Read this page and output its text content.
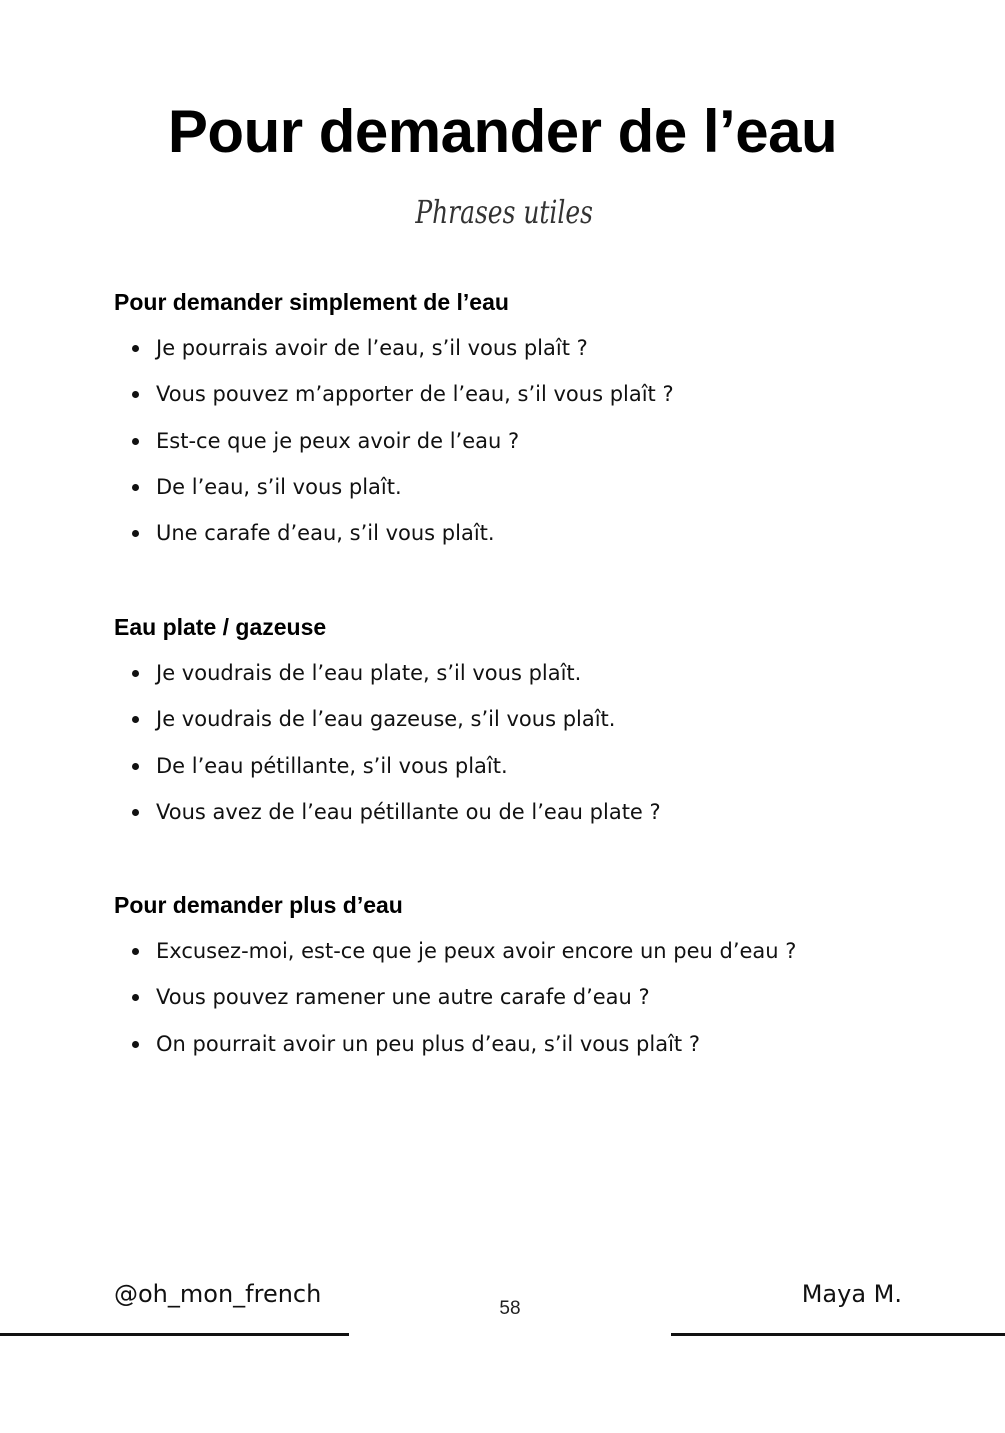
Pour demander de l’eau
Phrases utiles
Pour demander simplement de l’eau
Je pourrais avoir de l’eau, s’il vous plaît ?
Vous pouvez m’apporter de l’eau, s’il vous plaît ?
Est-ce que je peux avoir de l’eau ?
De l’eau, s’il vous plaît.
Une carafe d’eau, s’il vous plaît.
Eau plate / gazeuse
Je voudrais de l’eau plate, s’il vous plaît.
Je voudrais de l’eau gazeuse, s’il vous plaît.
De l’eau pétillante, s’il vous plaît.
Vous avez de l’eau pétillante ou de l’eau plate ?
Pour demander plus d’eau
Excusez-moi, est-ce que je peux avoir encore un peu d’eau ?
Vous pouvez ramener une autre carafe d’eau ?
On pourrait avoir un peu plus d’eau, s’il vous plaît ?
@oh_mon_french
58
Maya M.
